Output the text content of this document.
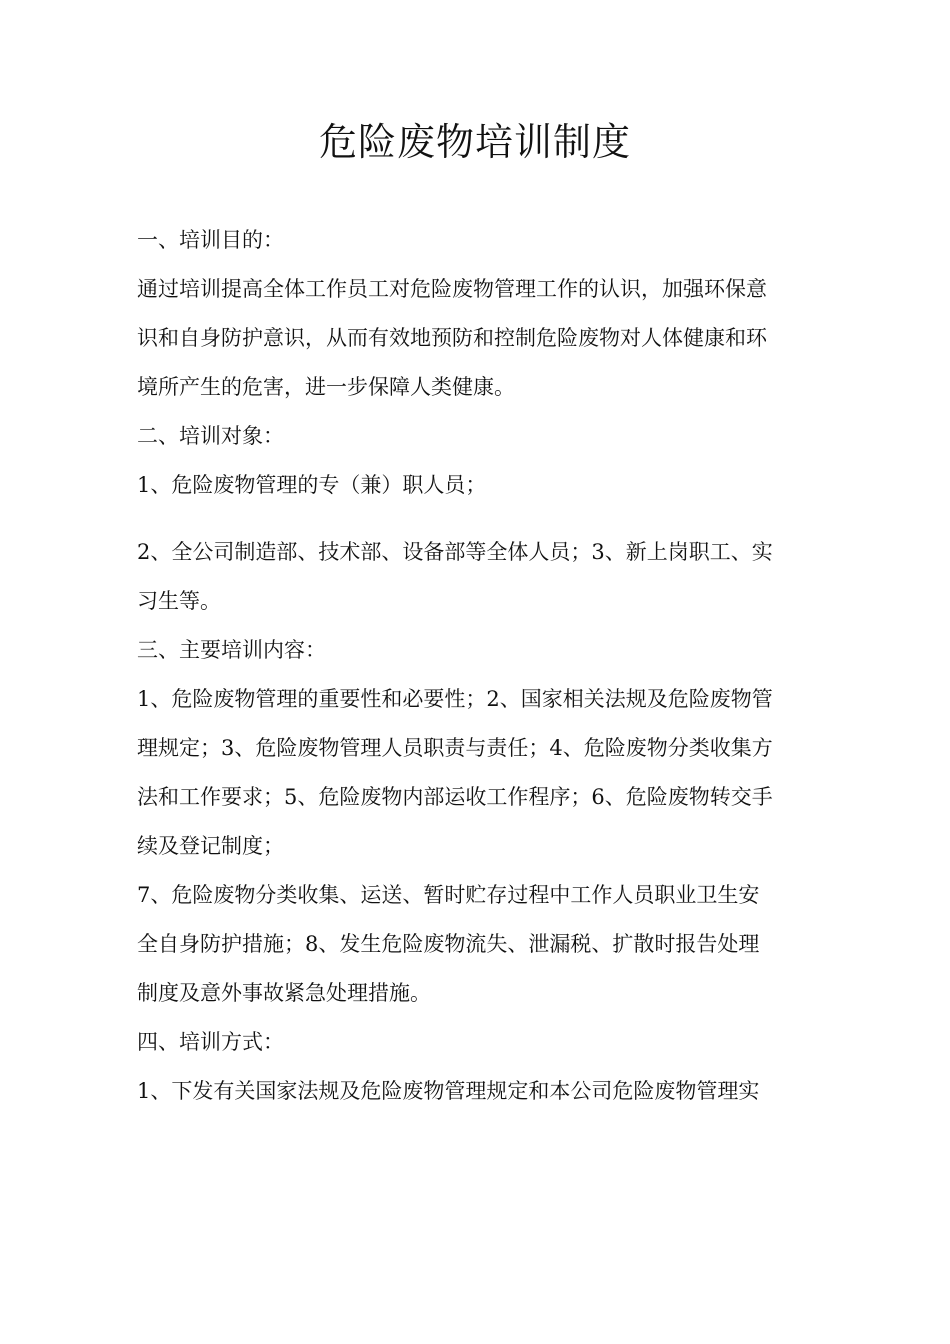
危险废物培训制度

一、培训目的：

通过培训提高全体工作员工对危险废物管理工作的认识，加强环保意
识和自身防护意识，从而有效地预防和控制危险废物对人体健康和环
境所产生的危害，进一步保障人类健康。

二、培训对象：

1、危险废物管理的专（兼）职人员；

2、全公司制造部、技术部、设备部等全体人员；3、新上岗职工、实
习生等。

三、主要培训内容：

1、危险废物管理的重要性和必要性；2、国家相关法规及危险废物管
理规定；3、危险废物管理人员职责与责任；4、危险废物分类收集方
法和工作要求；5、危险废物内部运收工作程序；6、危险废物转交手
续及登记制度；

7、危险废物分类收集、运送、暂时贮存过程中工作人员职业卫生安
全自身防护措施；8、发生危险废物流失、泄漏税、扩散时报告处理
制度及意外事故紧急处理措施。

四、培训方式：

1、下发有关国家法规及危险废物管理规定和本公司危险废物管理实
